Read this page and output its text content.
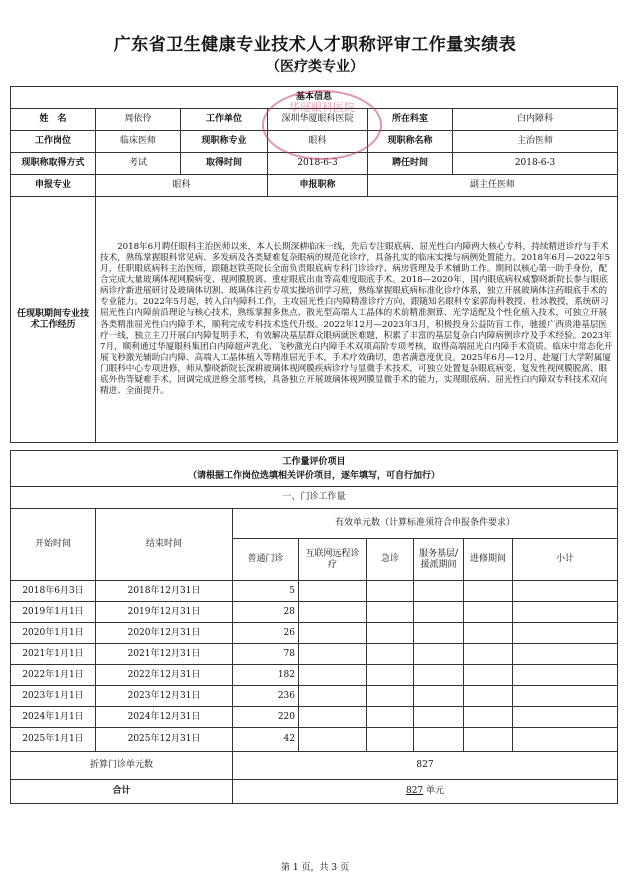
广东省卫生健康专业技术人才职称评审工作量实绩表
（医疗类专业）
基本信息					
姓　名	周依伶	工作单位	深圳华厦眼科医院	所在科室	白内障科
工作岗位	临床医师	现职称专业	眼科	现职称名称	主治医师
现职称取得方式	考试	取得时间	2018-6-3	聘任时间	2018-6-3
申报专业	眼科		申报职称	副主任医师	
任现职期间专业技术工作经历	2018年6月聘任眼科主治医师以来，本人长期深耕临床一线，先后专注眼底病、屈光性白内障两大核心专科，持续精进诊疗与手术技术，熟练掌握眼科常见病、多发病及各类疑难复杂眼病的规范化诊疗，具备扎实的临床实操与病例处置能力。2018年6月—2022年5月，任职眼底病科主治医师，跟随赵铁英院长全面负责眼底病专科门诊诊疗、病房管理及手术辅助工作。期间以核心第一助手身份，配合完成大量玻璃体视网膜病变、视网膜脱离、重症眼底出血等高难度眼底手术。2018—2020年，国内眼底病权威黎晓新院长参与眼底病诊疗新进展研讨及玻璃体切割、玻璃体注药专项实操培训学习班，熟练掌握眼底病标准化诊疗体系，独立开展玻璃体注药眼底手术的专业能力。2022年5月起，转入白内障科工作，主攻屈光性白内障精准诊疗方向，跟随知名眼科专家郭海科教授、杜冰教授，系统研习屈光性白内障前沿理论与核心技术，熟练掌握多焦点、散光型高端人工晶体的术前精准测算、光学适配及个性化植入技术，可独立开展各类精准屈光性白内障手术，顺利完成专科技术迭代升级。2022年12月—2023年3月，积极投身公益防盲工作，驰援广西贵港基层医疗一线，独立主刀开展白内障复明手术，有效解决基层群众眼病就医难题，积累了丰富的基层复杂白内障病例诊疗及手术经验。2023年7月，顺利通过华厦眼科集团白内障超声乳化、飞秒激光白内障手术双项高阶专项考核，取得高端屈光白内障手术资质。临床中常态化开展飞秒激光辅助白内障、高端人工晶体植入等精准屈光手术，手术疗效确切，患者满意度优良。2025年6月—12月，赴厦门大学附属厦门眼科中心专项进修，师从黎晓新院长深耕玻璃体视网膜疾病诊疗与显微手术技术，可独立处置复杂眼底病变、复发性视网膜脱离、眼底外伤等疑难手术，回调完成进修全部考核，具备独立开展玻璃体视网膜显微手术的能力，实现眼底病、屈光性白内障双专科技术双向精进、全面提升。				
华厦眼科医院
工作量评价项目
（请根据工作岗位选填相关评价项目，逐年填写，可自行加行）							

一、门诊工作量							
开始时间	结束时间	有效单元数（计算标准须符合申报条件要求）					
		普通门诊	互联网远程诊疗	急诊	服务基层/援派期间	进修期间	小计
2018年6月3日	2018年12月31日	5					
2019年1月1日	2019年12月31日	28					
2020年1月1日	2020年12月31日	26					
2021年1月1日	2021年12月31日	78					
2022年1月1日	2022年12月31日	182					
2023年1月1日	2023年12月31日	236					
2024年1月1日	2024年12月31日	220					
2025年1月1日	2025年12月31日	42					
折算门诊单元数		827					
合计		827 单元					
第 1 页，共 3 页
